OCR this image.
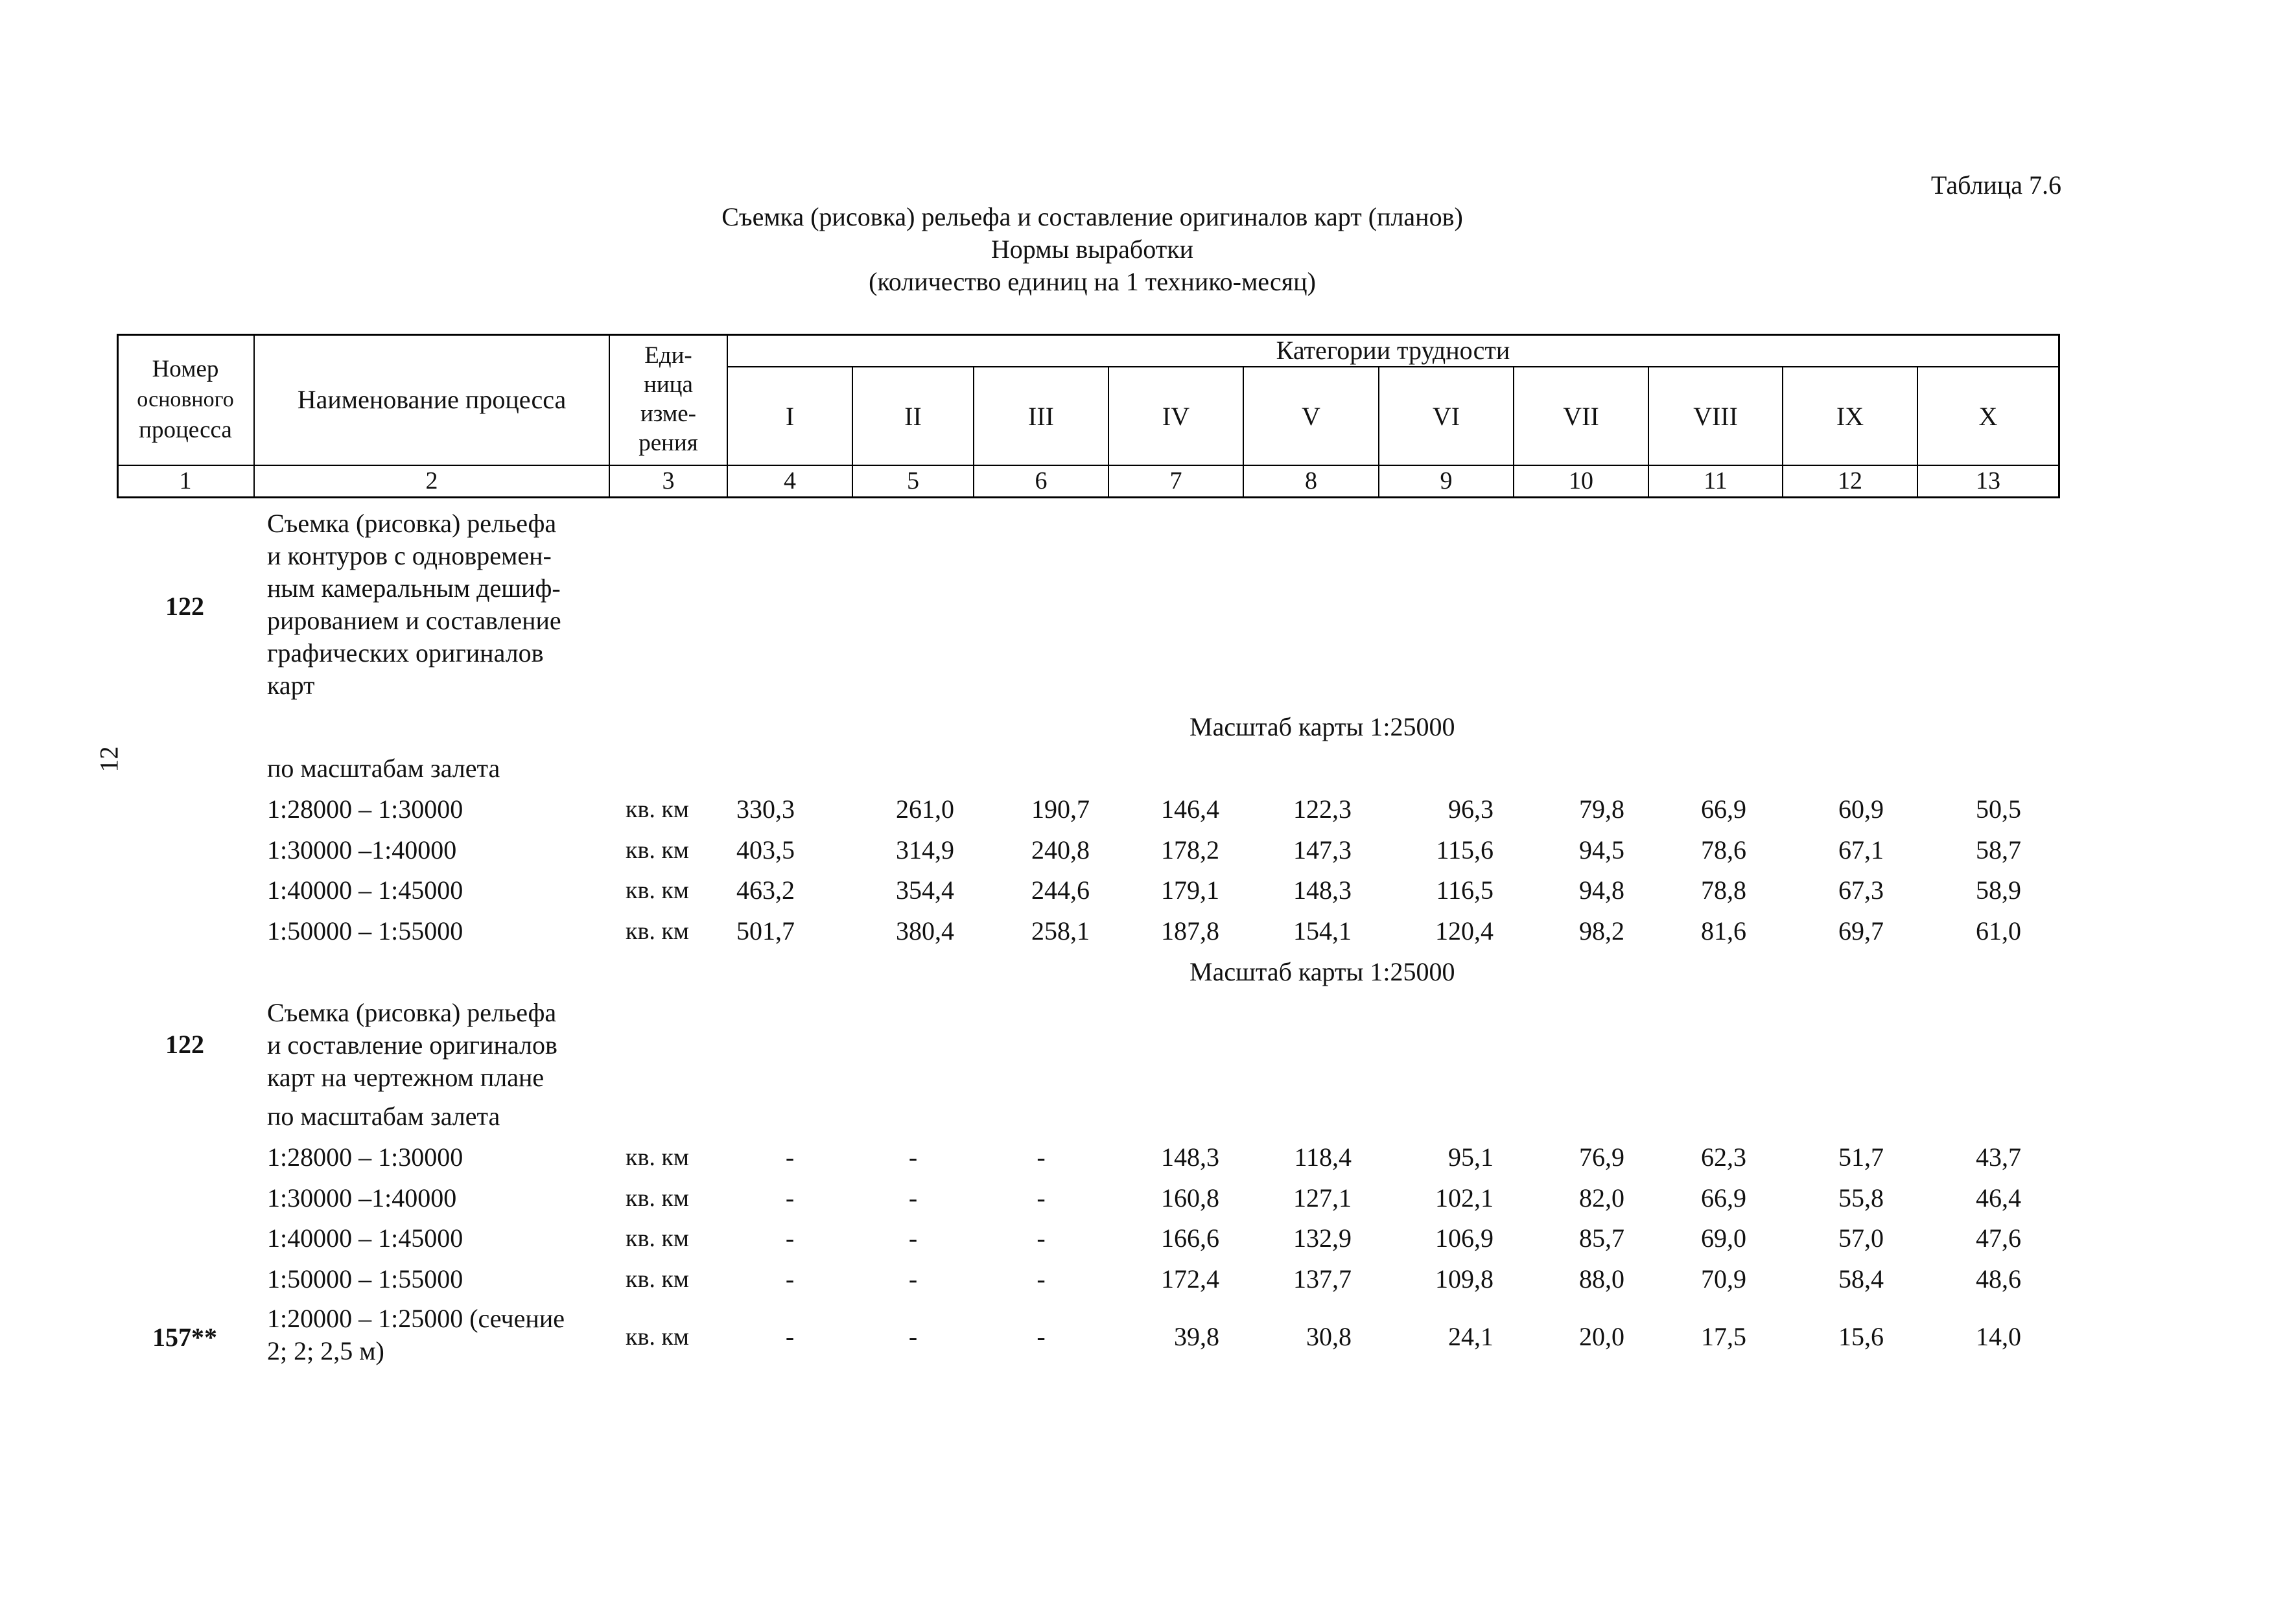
Таблица 7.6
Съемка (рисовка) рельефа и составление оригиналов карт (планов)
Нормы выработки
(количество единиц на 1 технико-месяц)
12
Номер
основного
процесса
Наименование процесса
Еди-
ница
изме-
рения
Категории трудности
I	II	III	IV	V	VI	VII	VIII	IX	X
1	2	3	4	5	6	7	8	9	10	11	12	13
122
Съемка (рисовка) рельефа
и контуров с одновремен-
ным камеральным дешиф-
рированием и составление
графических оригиналов
карт
Масштаб карты 1:25000
по масштабам залета
1:28000 – 1:30000	кв. км	330,3	261,0	190,7	146,4	122,3	96,3	79,8	66,9	60,9	50,5
1:30000 –1:40000	кв. км	403,5	314,9	240,8	178,2	147,3	115,6	94,5	78,6	67,1	58,7
1:40000 – 1:45000	кв. км	463,2	354,4	244,6	179,1	148,3	116,5	94,8	78,8	67,3	58,9
1:50000 – 1:55000	кв. км	501,7	380,4	258,1	187,8	154,1	120,4	98,2	81,6	69,7	61,0
Масштаб карты 1:25000
122
Съемка (рисовка) рельефа
и составление оригиналов
карт на чертежном плане
по масштабам залета
1:28000 – 1:30000	кв. км	-	-	-	148,3	118,4	95,1	76,9	62,3	51,7	43,7
1:30000 –1:40000	кв. км	-	-	-	160,8	127,1	102,1	82,0	66,9	55,8	46,4
1:40000 – 1:45000	кв. км	-	-	-	166,6	132,9	106,9	85,7	69,0	57,0	47,6
1:50000 – 1:55000	кв. км	-	-	-	172,4	137,7	109,8	88,0	70,9	58,4	48,6
157**
1:20000 – 1:25000 (сечение
2; 2; 2,5 м)	кв. км	-	-	-	39,8	30,8	24,1	20,0	17,5	15,6	14,0
